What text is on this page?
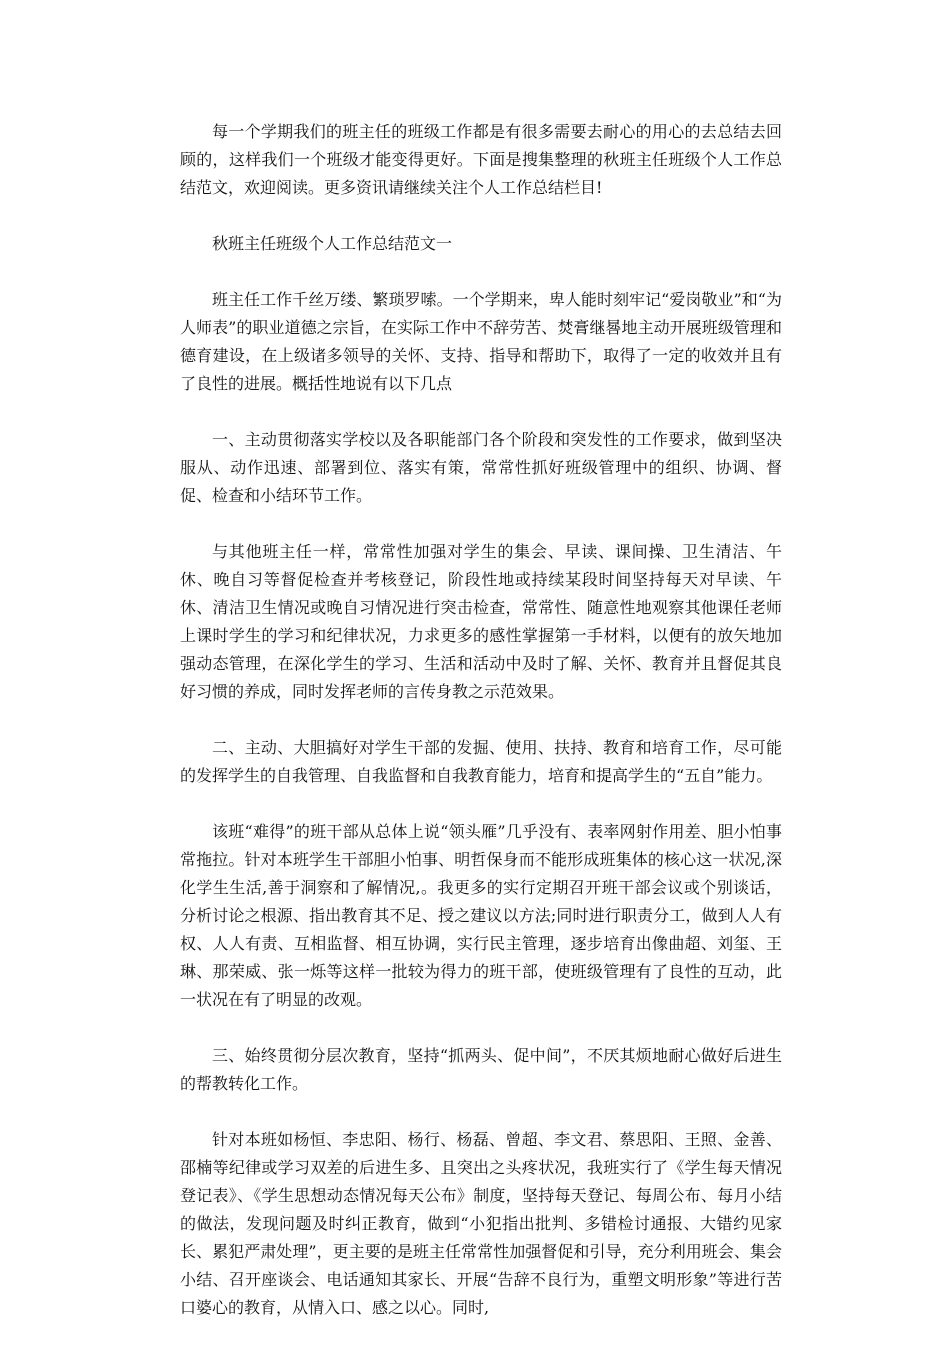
每一个学期我们的班主任的班级工作都是有很多需要去耐心的用心的去总结去回顾的，这样我们一个班级才能变得更好。下面是搜集整理的秋班主任班级个人工作总结范文，欢迎阅读。更多资讯请继续关注个人工作总结栏目!

秋班主任班级个人工作总结范文一

班主任工作千丝万缕、繁琐罗嗦。一个学期来，卑人能时刻牢记“爱岗敬业”和“为人师表”的职业道德之宗旨，在实际工作中不辞劳苦、焚膏继晷地主动开展班级管理和德育建设，在上级诸多领导的关怀、支持、指导和帮助下，取得了一定的收效并且有了良性的进展。概括性地说有以下几点

一、主动贯彻落实学校以及各职能部门各个阶段和突发性的工作要求，做到坚决服从、动作迅速、部署到位、落实有策，常常性抓好班级管理中的组织、协调、督促、检查和小结环节工作。

与其他班主任一样，常常性加强对学生的集会、早读、课间操、卫生清洁、午休、晚自习等督促检查并考核登记，阶段性地或持续某段时间坚持每天对早读、午休、清洁卫生情况或晚自习情况进行突击检查，常常性、随意性地观察其他课任老师上课时学生的学习和纪律状况，力求更多的感性掌握第一手材料，以便有的放矢地加强动态管理，在深化学生的学习、生活和活动中及时了解、关怀、教育并且督促其良好习惯的养成，同时发挥老师的言传身教之示范效果。

二、主动、大胆搞好对学生干部的发掘、使用、扶持、教育和培育工作，尽可能的发挥学生的自我管理、自我监督和自我教育能力，培育和提高学生的“五自”能力。

该班“难得”的班干部从总体上说“领头雁”几乎没有、表率网射作用差、胆小怕事常拖拉。针对本班学生干部胆小怕事、明哲保身而不能形成班集体的核心这一状况,深化学生生活,善于洞察和了解情况,。我更多的实行定期召开班干部会议或个别谈话，分析讨论之根源、指出教育其不足、授之建议以方法;同时进行职责分工，做到人人有权、人人有责、互相监督、相互协调，实行民主管理，逐步培育出像曲超、刘玺、王琳、那荣威、张一烁等这样一批较为得力的班干部，使班级管理有了良性的互动，此一状况在有了明显的改观。

三、始终贯彻分层次教育，坚持“抓两头、促中间”，不厌其烦地耐心做好后进生的帮教转化工作。

针对本班如杨恒、李忠阳、杨行、杨磊、曾超、李文君、蔡思阳、王照、金善、邵楠等纪律或学习双差的后进生多、且突出之头疼状况，我班实行了《学生每天情况登记表》、《学生思想动态情况每天公布》制度，坚持每天登记、每周公布、每月小结的做法，发现问题及时纠正教育，做到“小犯指出批判、多错检讨通报、大错约见家长、累犯严肃处理”，更主要的是班主任常常性加强督促和引导，充分利用班会、集会小结、召开座谈会、电话通知其家长、开展“告辞不良行为，重塑文明形象”等进行苦口婆心的教育，从情入口、感之以心。同时,
